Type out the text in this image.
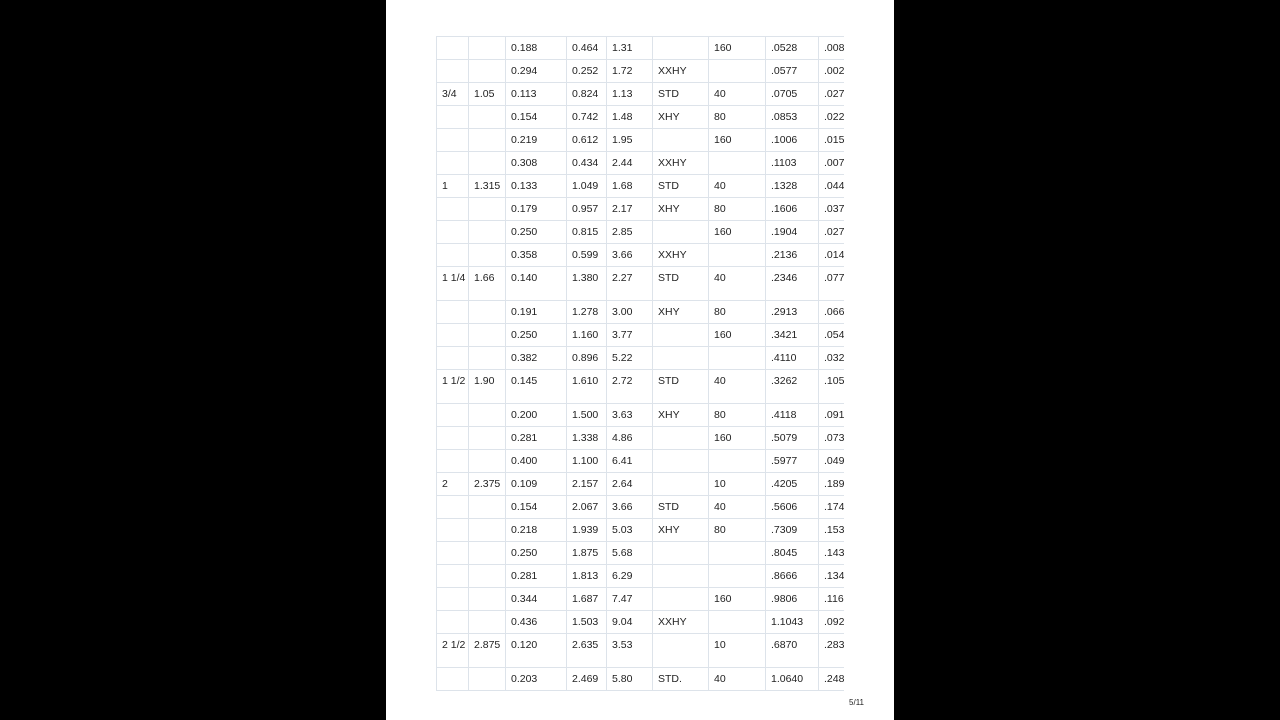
		0.188	0.464	1.31		160	.0528	.008
		0.294	0.252	1.72	XXHY		.0577	.002
3/4	1.05	0.113	0.824	1.13	STD	40	.0705	.027
		0.154	0.742	1.48	XHY	80	.0853	.022
		0.219	0.612	1.95		160	.1006	.015
		0.308	0.434	2.44	XXHY		.1103	.007
1	1.315	0.133	1.049	1.68	STD	40	.1328	.044
		0.179	0.957	2.17	XHY	80	.1606	.037
		0.250	0.815	2.85		160	.1904	.027
		0.358	0.599	3.66	XXHY		.2136	.014
1 1/4	1.66	0.140	1.380	2.27	STD	40	.2346	.077
		0.191	1.278	3.00	XHY	80	.2913	.066
		0.250	1.160	3.77		160	.3421	.054
		0.382	0.896	5.22			.4110	.032
1 1/2	1.90	0.145	1.610	2.72	STD	40	.3262	.105
		0.200	1.500	3.63	XHY	80	.4118	.091
		0.281	1.338	4.86		160	.5079	.073
		0.400	1.100	6.41			.5977	.049
2	2.375	0.109	2.157	2.64		10	.4205	.189
		0.154	2.067	3.66	STD	40	.5606	.174
		0.218	1.939	5.03	XHY	80	.7309	.153
		0.250	1.875	5.68			.8045	.143
		0.281	1.813	6.29			.8666	.134
		0.344	1.687	7.47		160	.9806	.116
		0.436	1.503	9.04	XXHY		1.1043	.092
2 1/2	2.875	0.120	2.635	3.53		10	.6870	.283
		0.203	2.469	5.80	STD.	40	1.0640	.248
5/11
